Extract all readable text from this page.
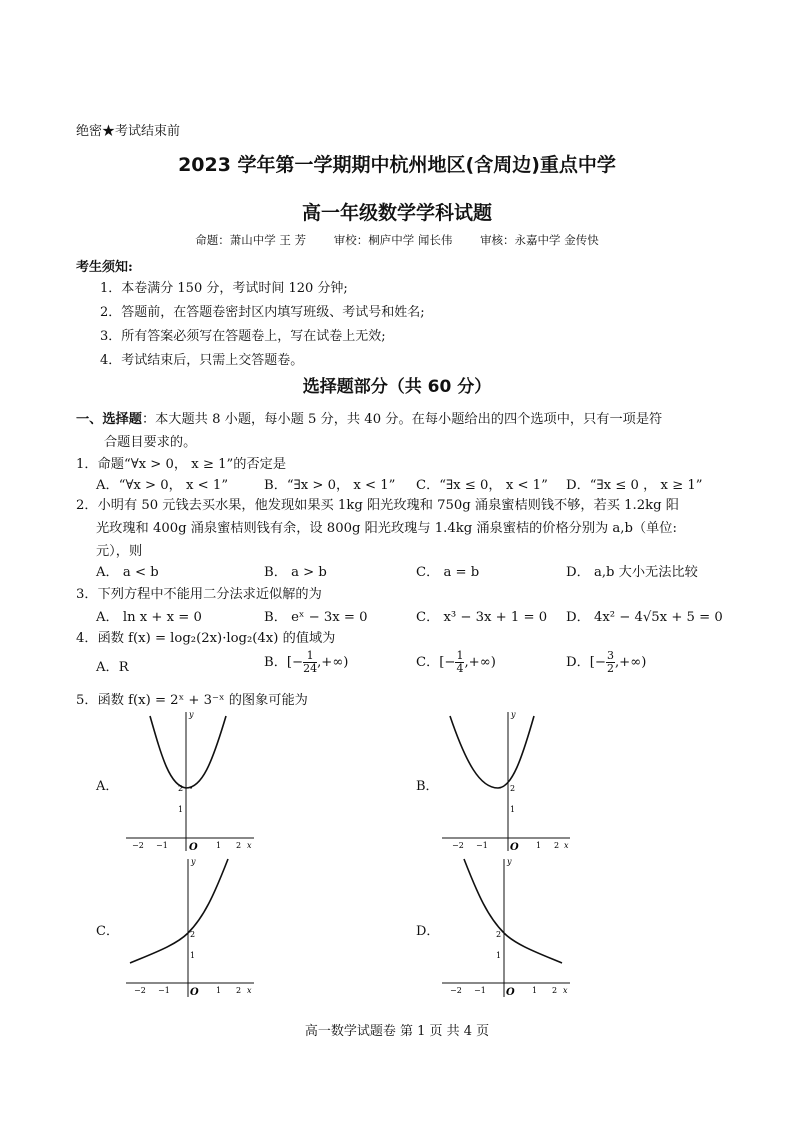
绝密★考试结束前
2023 学年第一学期期中杭州地区(含周边)重点中学
高一年级数学学科试题
命题：萧山中学 王 芳 审校：桐庐中学 闻长伟 审核：永嘉中学 金传快
考生须知:
1．本卷满分 150 分，考试时间 120 分钟;
2．答题前，在答题卷密封区内填写班级、考试号和姓名;
3．所有答案必须写在答题卷上，写在试卷上无效;
4．考试结束后，只需上交答题卷。
选择题部分（共 60 分）
一、选择题：本大题共 8 小题，每小题 5 分，共 40 分。在每小题给出的四个选项中，只有一项是符
合题目要求的。
1．命题“∀x > 0， x ≥ 1”的否定是
A．“∀x > 0， x < 1”	B．“∃x > 0， x < 1” C．“∃x ≤ 0， x < 1” D．“∃x ≤ 0 ， x ≥ 1”
2．小明有 50 元钱去买水果，他发现如果买 1kg 阳光玫瑰和 750g 涌泉蜜桔则钱不够，若买 1.2kg 阳
光玫瑰和 400g 涌泉蜜桔则钱有余，设 800g 阳光玫瑰与 1.4kg 涌泉蜜桔的价格分别为 a,b（单位:
元），则
A． a < b	B． a > b	C． a = b	D． a,b 大小无法比较
3．下列方程中不能用二分法求近似解的为
A． ln x + x = 0	B． eˣ − 3x = 0	C． x³ − 3x + 1 = 0 D． 4x² − 4√5x + 5 = 0
4．函数 f(x) = log₂(2x)·log₂(4x) 的值域为
A．R	B．[− $\frac{1}{24}$ ,+∞)	C．[− $\frac{1}{4}$ ,+∞)	D．[− $\frac{3}{2}$ ,+∞)
5．函数 f(x) = 2ˣ + 3⁻ˣ 的图象可能为
A．	B．
C．	D．
y
2
1
−2 −1 O 1 2 x
y
2
1
−2 −1 O 1 2 x
y
2
1
−2 −1 O 1 2 x
y
2
1
−2 −1 O 1 2 x
高一数学试题卷 第 1 页 共 4 页
